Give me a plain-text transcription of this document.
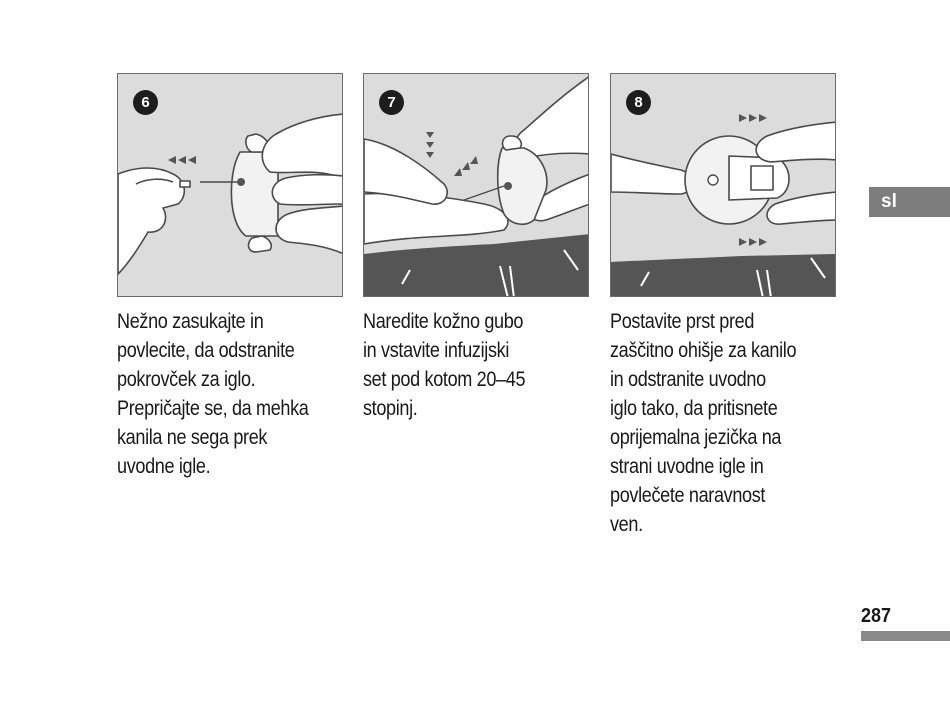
6	7	8

Nežno zasukajte in
povlecite, da odstranite
pokrovček za iglo.
Prepričajte se, da mehka
kanila ne sega prek
uvodne igle.

Naredite kožno gubo
in vstavite infuzijski
set pod kotom 20–45
stopinj.

Postavite prst pred
zaščitno ohišje za kanilo
in odstranite uvodno
iglo tako, da pritisnete
oprijemalna jezička na
strani uvodne igle in
povlečete naravnost
ven.

sl
287
